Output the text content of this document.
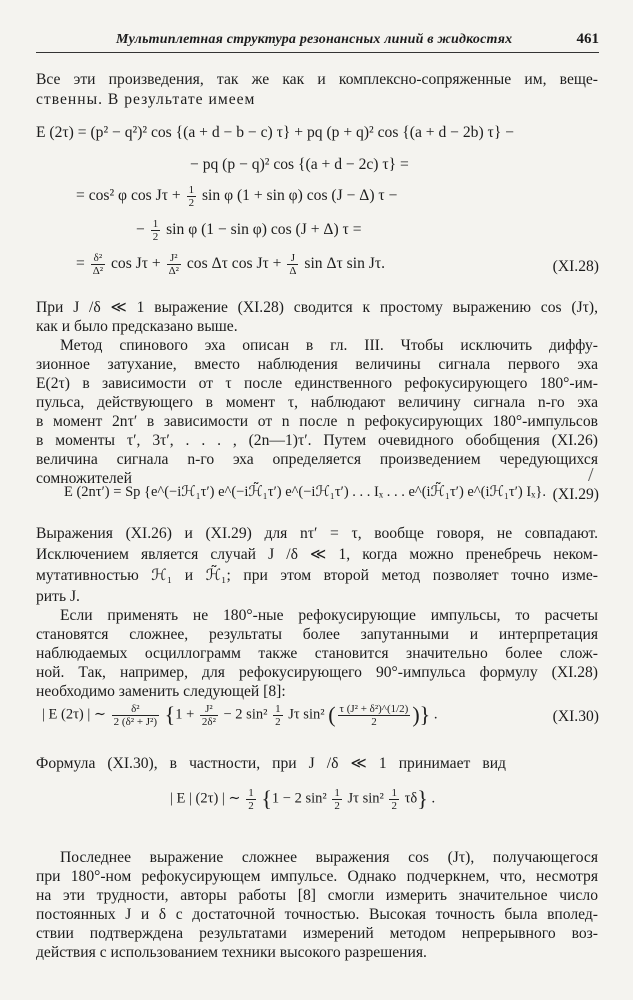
Мультиплетная структура резонансных линий в жидкостях	461
Все эти произведения, так же как и комплексно-сопряженные им, веще-
ственны. В результате имеем
E (2τ) = (p² − q²)² cos {(a + d − b − c) τ} + pq (p + q)² cos {(a + d − 2b) τ} −
− pq (p − q)² cos {(a + d − 2c) τ} =
= cos² φ $\cos J\tau + \frac{1}{2}$ sin φ (1 + sin φ) cos (J − Δ) τ −
− $\frac{1}{2}$ sin φ (1 − sin φ) cos (J + Δ) τ =
= $\frac{\text{δ²}}{\text{Δ²}}$ $\cos J\tau + \frac{\text{J²}}{\text{Δ²}}$ cos Δτ $\cos J\tau + \frac{J}{\Delta}$ sin Δτ sin Jτ.	(XI.28)
При J /δ ≪ 1 выражение (XI.28) сводится к простому выражению cos (Jτ),
как и было предсказано выше.
Метод спинового эха описан в гл. III. Чтобы исключить диффу-
зионное затухание, вместо наблюдения величины сигнала первого эха
E(2τ) в зависимости от τ после единственного рефокусирующего 180°-им-
пульса, действующего в момент τ, наблюдают величину сигнала n-го эха
в момент 2nτ′ в зависимости от n после n рефокусирующих 180°-импульсов
в моменты τ′, 3τ′, . . . , (2n—1)τ′. Путем очевидного обобщения (XI.26)
величина сигнала n-го эха определяется произведением чередующихся
сомножителей	/
E (2nτ′) = Sp {e^(−iℋ₁τ′) e^(−iℋ̃₁τ′) e^(−iℋ₁τ′) . . . Iₓ . . . e^(iℋ̃₁τ′) e^(iℋ₁τ′) Iₓ}. (XI.29)
Выражения (XI.26) и (XI.29) для nτ′ = τ, вообще говоря, не совпадают.
Исключением является случай J /δ ≪ 1, когда можно пренебречь неком-
мутативностью ℋ₁ и ℋ̃₁; при этом второй метод позволяет точно изме-
рить J.
Если применять не 180°-ные рефокусирующие импульсы, то расчеты
становятся сложнее, результаты более запутанными и интерпретация
наблюдаемых осциллограмм также становится значительно более слож-
ной. Так, например, для рефокусирующего 90°-импульса формулу (XI.28)
необходимо заменить следующей [8]:
| E (2τ) | ∼ $\frac{\text{δ²}}{\text{2 (δ² + J²)}} \{1 + \frac{\text{J²}}{\text{2δ²}} - 2$ $\sin^2 \frac{1}{2}$ Jτ sin² ( $\frac{\text{τ (J² + δ²)\textasciicircum{}(1/2)}}{2}$ )} .	(XI.30)
Формула (XI.30), в частности, при J /δ ≪ 1 принимает вид
| E | (2τ) | ∼ $\frac{1}{2} \{1 - 2$ $\sin^2 \frac{1}{2}$ Jτ $\sin^2 \frac{1}{2} \tau\delta$} .
Последнее выражение сложнее выражения cos (Jτ), получающегося
при 180°-ном рефокусирующем импульсе. Однако подчеркнем, что, несмотря
на эти трудности, авторы работы [8] смогли измерить значительное число
постоянных J и δ с достаточной точностью. Высокая точность была вполед-
ствии подтверждена результатами измерений методом непрерывного воз-
действия с использованием техники высокого разрешения.
